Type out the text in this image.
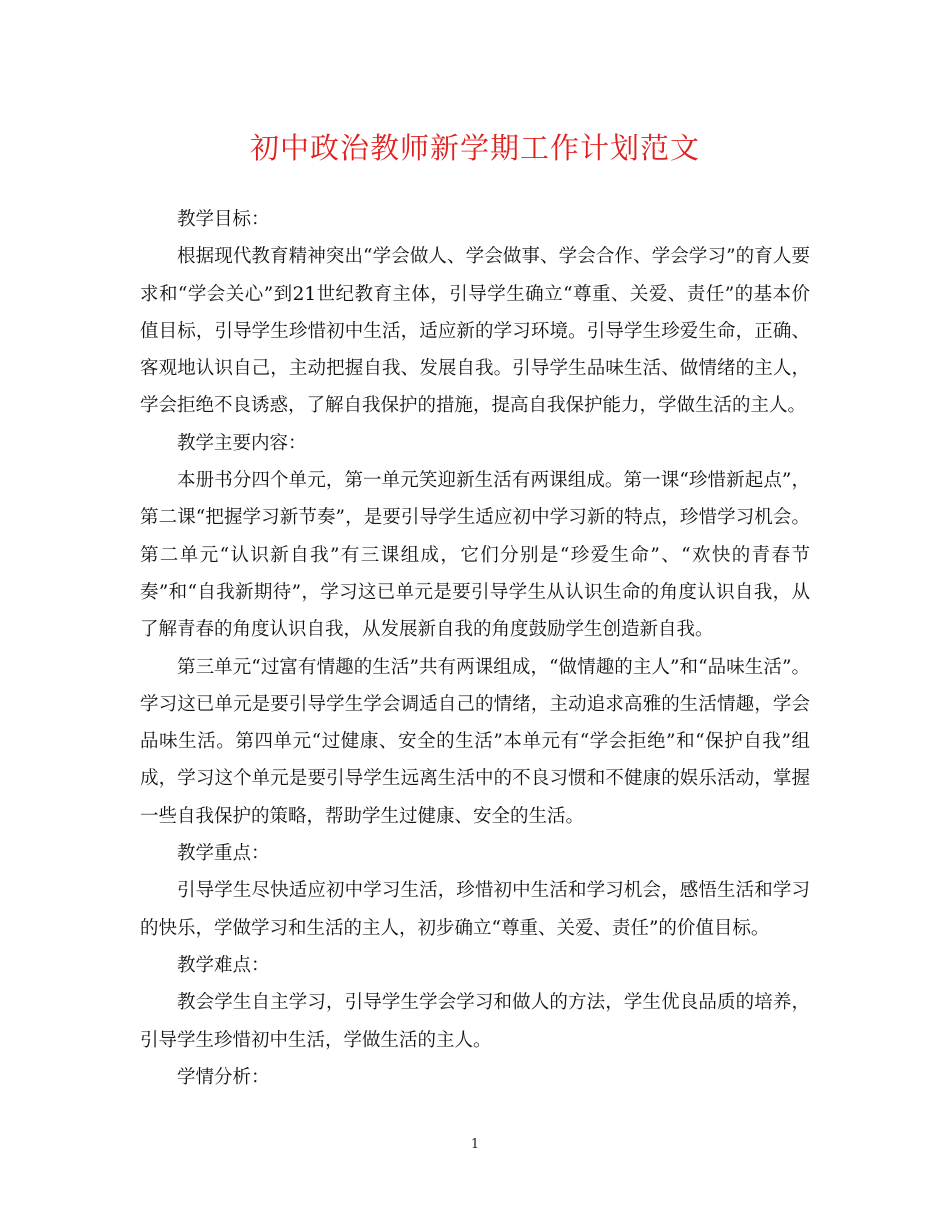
初中政治教师新学期工作计划范文

教学目标：

根据现代教育精神突出“学会做人、学会做事、学会合作、学会学习”的育人要求和“学会关心”到21世纪教育主体，引导学生确立“尊重、关爱、责任”的基本价值目标，引导学生珍惜初中生活，适应新的学习环境。引导学生珍爱生命，正确、客观地认识自己，主动把握自我、发展自我。引导学生品味生活、做情绪的主人，学会拒绝不良诱惑，了解自我保护的措施，提高自我保护能力，学做生活的主人。

教学主要内容：

本册书分四个单元，第一单元笑迎新生活有两课组成。第一课“珍惜新起点”，第二课“把握学习新节奏”，是要引导学生适应初中学习新的特点，珍惜学习机会。第二单元“认识新自我”有三课组成，它们分别是“珍爱生命”、“欢快的青春节奏”和“自我新期待”，学习这已单元是要引导学生从认识生命的角度认识自我，从了解青春的角度认识自我，从发展新自我的角度鼓励学生创造新自我。

第三单元“过富有情趣的生活”共有两课组成，“做情趣的主人”和“品味生活”。学习这已单元是要引导学生学会调适自己的情绪，主动追求高雅的生活情趣，学会品味生活。第四单元“过健康、安全的生活”本单元有“学会拒绝”和“保护自我”组成，学习这个单元是要引导学生远离生活中的不良习惯和不健康的娱乐活动，掌握一些自我保护的策略，帮助学生过健康、安全的生活。

教学重点：

引导学生尽快适应初中学习生活，珍惜初中生活和学习机会，感悟生活和学习的快乐，学做学习和生活的主人，初步确立“尊重、关爱、责任”的价值目标。

教学难点：

教会学生自主学习，引导学生学会学习和做人的方法，学生优良品质的培养，引导学生珍惜初中生活，学做生活的主人。

学情分析：

1
